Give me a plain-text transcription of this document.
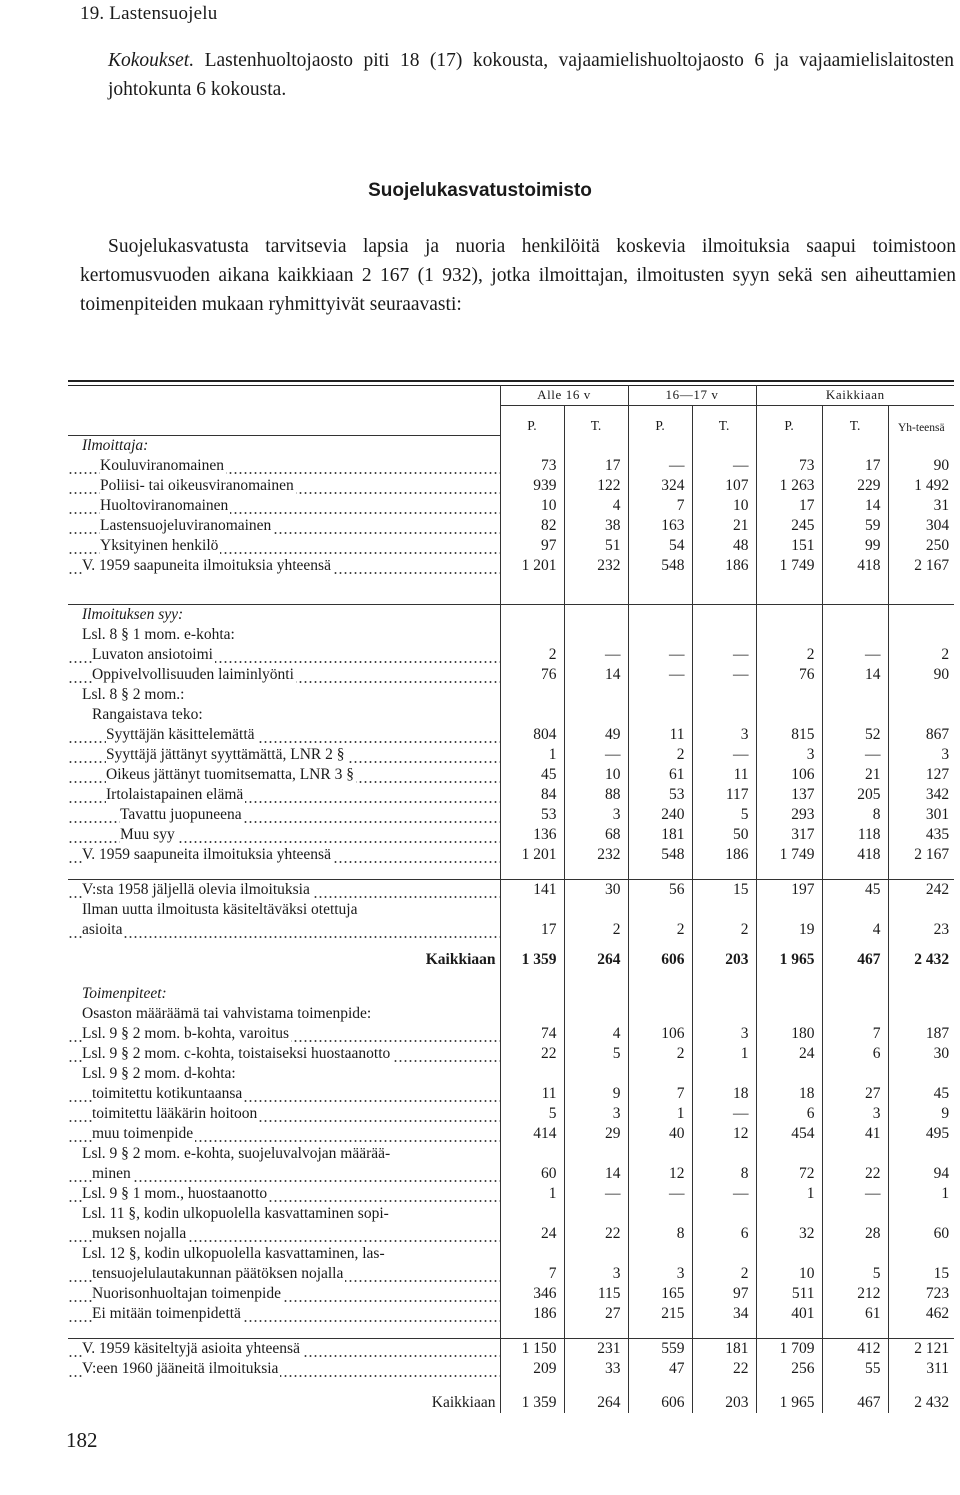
19. Lastensuojelu
Kokoukset. Lastenhuoltojaosto piti 18 (17) kokousta, vajaamielishuoltojaosto 6 ja vajaamielislaitosten johtokunta 6 kokousta.
Suojelukasvatustoimisto
Suojelukasvatusta tarvitsevia lapsia ja nuoria henkilöitä koskevia ilmoituksia saapui toimistoon kertomusvuoden aikana kaikkiaan 2 167 (1 932), jotka ilmoittajan, ilmoitusten syyn sekä sen aiheuttamien toimenpiteiden mukaan ryhmittyivät seuraavasti:
	Alle 16 v		16—17 v		Kaikkiaan		
	P.	T.	P.	T.	P.	T.	Yh-teensä
Ilmoittaja:							
Kouluviranomainen	73	17	—	—	73	17	90
Poliisi- tai oikeusviranomainen	939	122	324	107	1 263	229	1 492
Huoltoviranomainen	10	4	7	10	17	14	31
Lastensuojeluviranomainen	82	38	163	21	245	59	304
Yksityinen henkilö	97	51	54	48	151	99	250
V. 1959 saapuneita ilmoituksia yhteensä	1 201	232	548	186	1 749	418	2 167

Ilmoituksen syy:							
Lsl. 8 § 1 mom. e-kohta:							
Luvaton ansiotoimi	2	—	—	—	2	—	2
Oppivelvollisuuden laiminlyönti	76	14	—	—	76	14	90
Lsl. 8 § 2 mom.:							
Rangaistava teko:							
Syyttäjän käsittelemättä	804	49	11	3	815	52	867
Syyttäjä jättänyt syyttämättä, LNR 2 §	1	—	2	—	3	—	3
Oikeus jättänyt tuomitsematta, LNR 3 §	45	10	61	11	106	21	127
Irtolaistapainen elämä	84	88	53	117	137	205	342
Tavattu juopuneena	53	3	240	5	293	8	301
Muu syy	136	68	181	50	317	118	435
V. 1959 saapuneita ilmoituksia yhteensä	1 201	232	548	186	1 749	418	2 167

V:sta 1958 jäljellä olevia ilmoituksia	141	30	56	15	197	45	242
Ilman uutta ilmoitusta käsiteltäväksi otettuja							
asioita	17	2	2	2	19	4	23

Kaikkiaan	1 359	264	606	203	1 965	467	2 432

Toimenpiteet:							
Osaston määräämä tai vahvistama toimenpide:							
Lsl. 9 § 2 mom. b-kohta, varoitus	74	4	106	3	180	7	187
Lsl. 9 § 2 mom. c-kohta, toistaiseksi huostaanotto	22	5	2	1	24	6	30
Lsl. 9 § 2 mom. d-kohta:							
toimitettu kotikuntaansa	11	9	7	18	18	27	45
toimitettu lääkärin hoitoon	5	3	1	—	6	3	9
muu toimenpide	414	29	40	12	454	41	495
Lsl. 9 § 2 mom. e-kohta, suojeluvalvojan määrää-							
minen	60	14	12	8	72	22	94
Lsl. 9 § 1 mom., huostaanotto	1	—	—	—	1	—	1
Lsl. 11 §, kodin ulkopuolella kasvattaminen sopi-							
muksen nojalla	24	22	8	6	32	28	60
Lsl. 12 §, kodin ulkopuolella kasvattaminen, las-							
tensuojelulautakunnan päätöksen nojalla	7	3	3	2	10	5	15
Nuorisonhuoltajan toimenpide	346	115	165	97	511	212	723
Ei mitään toimenpidettä	186	27	215	34	401	61	462

V. 1959 käsiteltyjä asioita yhteensä	1 150	231	559	181	1 709	412	2 121
V:een 1960 jääneitä ilmoituksia	209	33	47	22	256	55	311

Kaikkiaan	1 359	264	606	203	1 965	467	2 432
182
